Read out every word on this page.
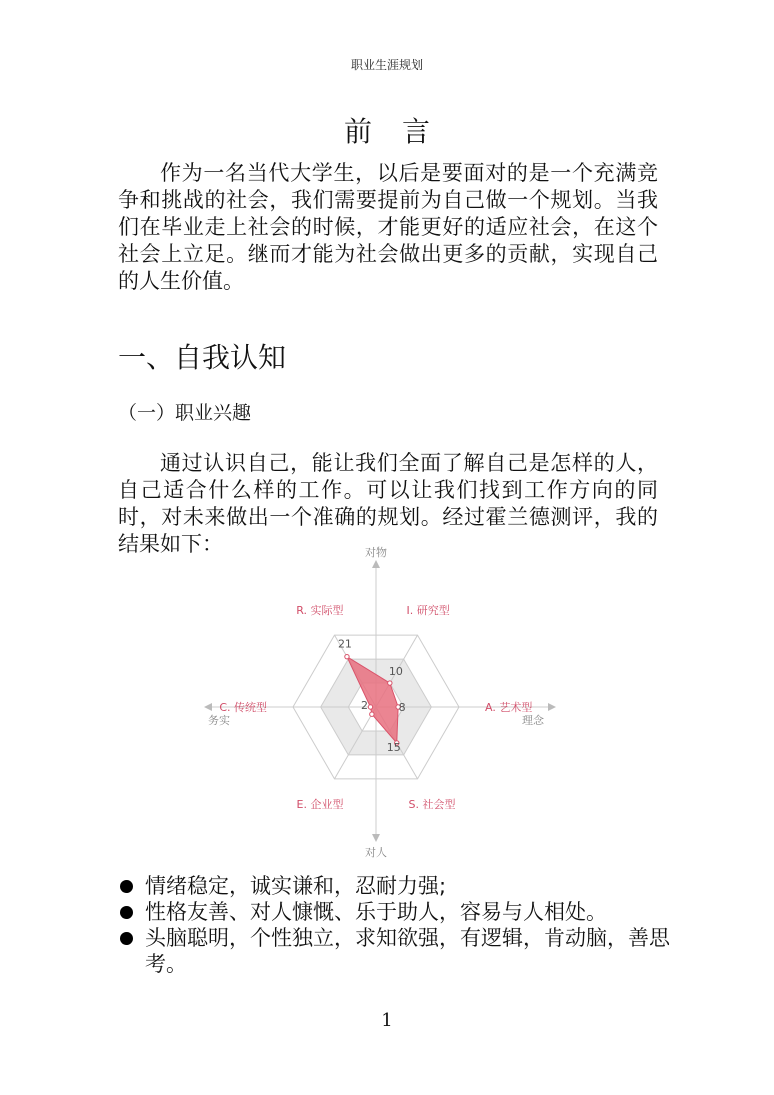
职业生涯规划
前言
作为一名当代大学生，以后是要面对的是一个充满竞争和挑战的社会，我们需要提前为自己做一个规划。当我们在毕业走上社会的时候，才能更好的适应社会，在这个社会上立足。继而才能为社会做出更多的贡献，实现自己的人生价值。
一、自我认知
（一）职业兴趣
通过认识自己，能让我们全面了解自己是怎样的人，自己适合什么样的工作。可以让我们找到工作方向的同时，对未来做出一个准确的规划。经过霍兰德测评，我的结果如下：	对物
对人
务实	理念
21
10
8
15
2
R. 实际型	I. 研究型
A. 艺术型
S. 社会型
E. 企业型
C. 传统型
情绪稳定，诚实谦和，忍耐力强;
性格友善、对人慷慨、乐于助人，容易与人相处。
头脑聪明，个性独立，求知欲强，有逻辑，肯动脑，善思考。
1
